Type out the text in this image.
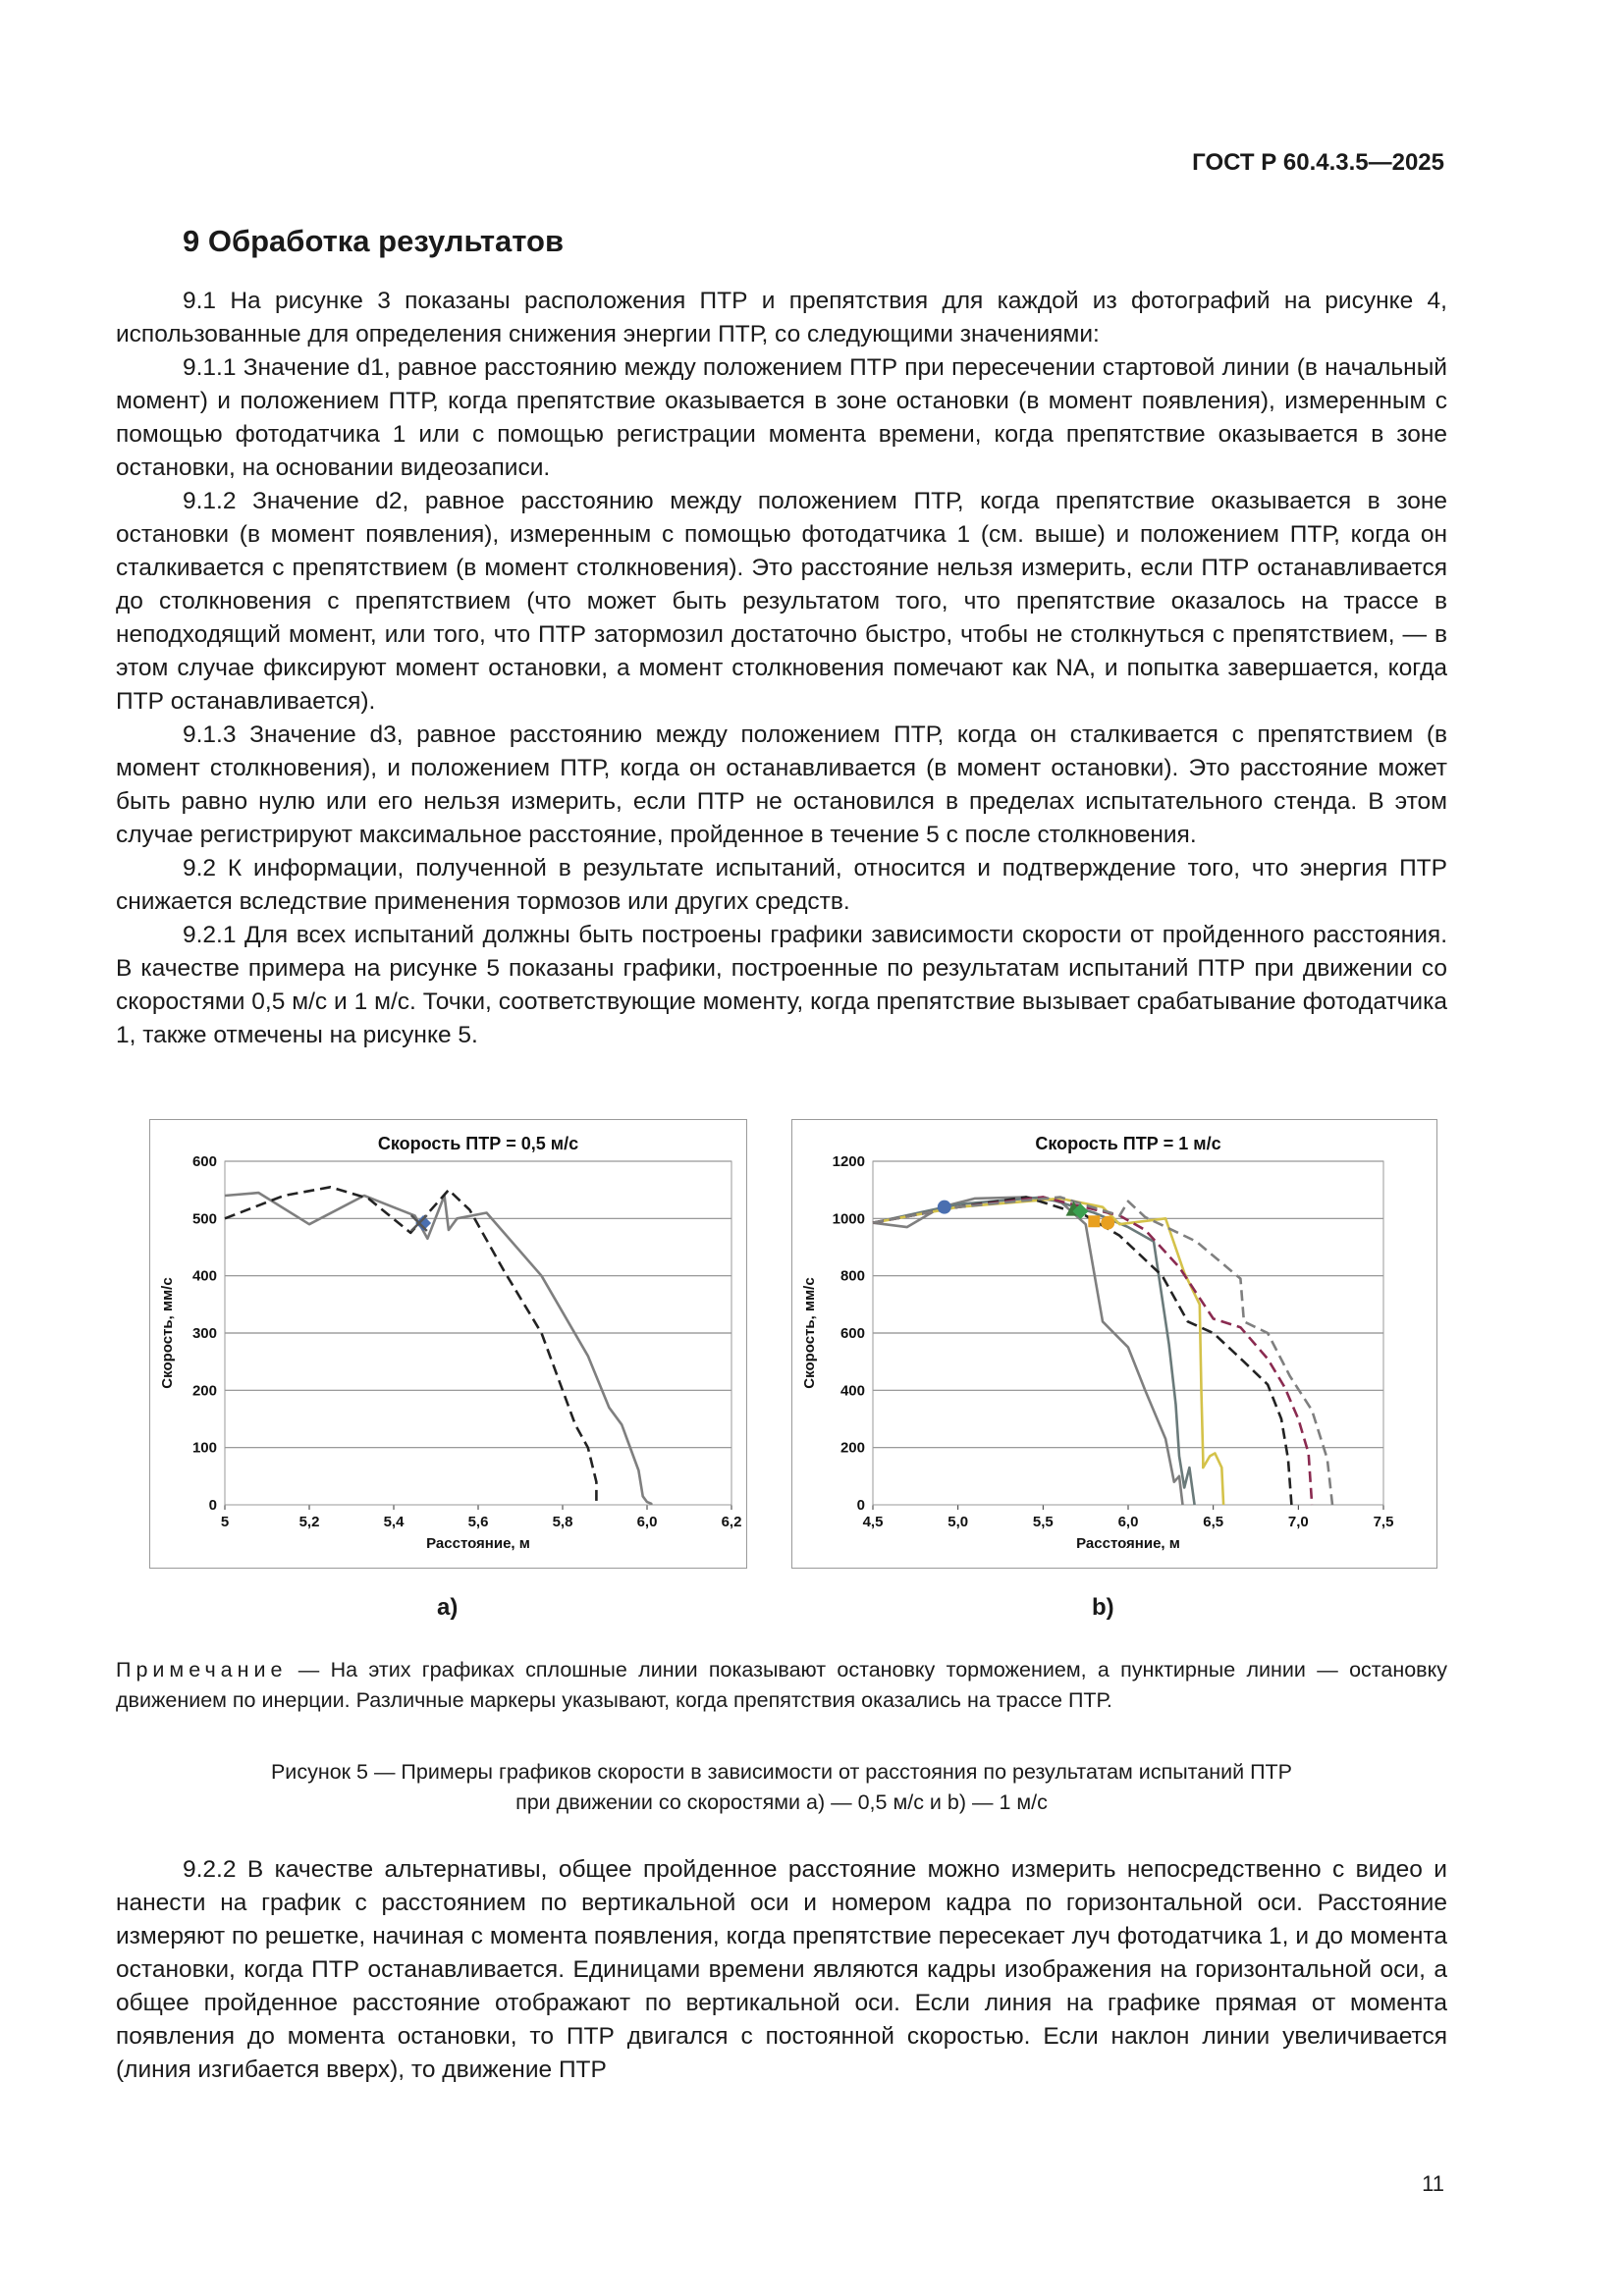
ГОСТ Р 60.4.3.5—2025
9 Обработка результатов

9.1 На рисунке 3 показаны расположения ПТР и препятствия для каждой из фотографий на рисунке 4, использованные для определения снижения энергии ПТР, со следующими значениями:

9.1.1 Значение d1, равное расстоянию между положением ПТР при пересечении стартовой линии (в начальный момент) и положением ПТР, когда препятствие оказывается в зоне остановки (в момент появления), измеренным с помощью фотодатчика 1 или с помощью регистрации момента времени, когда препятствие оказывается в зоне остановки, на основании видеозаписи.

9.1.2 Значение d2, равное расстоянию между положением ПТР, когда препятствие оказывается в зоне остановки (в момент появления), измеренным с помощью фотодатчика 1 (см. выше) и положением ПТР, когда он сталкивается с препятствием (в момент столкновения). Это расстояние нельзя измерить, если ПТР останавливается до столкновения с препятствием (что может быть результатом того, что препятствие оказалось на трассе в неподходящий момент, или того, что ПТР затормозил достаточно быстро, чтобы не столкнуться с препятствием, — в этом случае фиксируют момент остановки, а момент столкновения помечают как NA, и попытка завершается, когда ПТР останавливается).

9.1.3 Значение d3, равное расстоянию между положением ПТР, когда он сталкивается с препятствием (в момент столкновения), и положением ПТР, когда он останавливается (в момент остановки). Это расстояние может быть равно нулю или его нельзя измерить, если ПТР не остановился в пределах испытательного стенда. В этом случае регистрируют максимальное расстояние, пройденное в течение 5 с после столкновения.

9.2 К информации, полученной в результате испытаний, относится и подтверждение того, что энергия ПТР снижается вследствие применения тормозов или других средств.

9.2.1 Для всех испытаний должны быть построены графики зависимости скорости от пройденного расстояния. В качестве примера на рисунке 5 показаны графики, построенные по результатам испытаний ПТР при движении со скоростями 0,5 м/с и 1 м/с. Точки, соответствующие моменту, когда препятствие вызывает срабатывание фотодатчика 1, также отмечены на рисунке 5.

Скорость ПТР = 0,5 м/с
0
100
200
300
400
500
600
5	5,2	5,4	5,6	5,8	6,0	6,2
Расстояние, м
Скорость, мм/с
Скорость ПТР = 1 м/с
0
200
400
600
800
1000
1200
4,5	5,0	5,5	6,0	6,5	7,0	7,5
Расстояние, м
Скорость, мм/с
a)	b)
Примечание — На этих графиках сплошные линии показывают остановку торможением, а пунктирные линии — остановку движением по инерции. Различные маркеры указывают, когда препятствия оказались на трассе ПТР.
Рисунок 5 — Примеры графиков скорости в зависимости от расстояния по результатам испытаний ПТР
при движении со скоростями а) — 0,5 м/с и b) — 1 м/с

9.2.2 В качестве альтернативы, общее пройденное расстояние можно измерить непосредственно с видео и нанести на график с расстоянием по вертикальной оси и номером кадра по горизонтальной оси. Расстояние измеряют по решетке, начиная с момента появления, когда препятствие пересекает луч фотодатчика 1, и до момента остановки, когда ПТР останавливается. Единицами времени являются кадры изображения на горизонтальной оси, а общее пройденное расстояние отображают по вертикальной оси. Если линия на графике прямая от момента появления до момента остановки, то ПТР двигался с постоянной скоростью. Если наклон линии увеличивается (линия изгибается вверх), то движение ПТР

11
